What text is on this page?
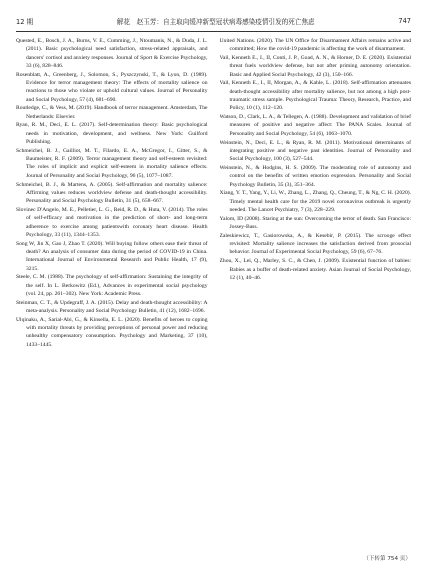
12 期	解花　赵玉芳：自主取向缓冲新型冠状病毒感染疫情引发的死亡焦虑	747

Quested, E., Bosch, J. A., Burns, V. E., Cumming, J., Ntoumanis, N., & Duda, J. L. (2011). Basic psychological need satisfaction, stress-related appraisals, and dancers' cortisol and anxiety responses. Journal of Sport & Exercise Psychology, 33 (6), 828–846.

Rosenblatt, A., Greenberg, J., Solomon, S., Pyszczynski, T., & Lyon, D. (1989). Evidence for terror management theory: The effects of mortality salience on reactions to those who violate or uphold cultural values. Journal of Personality and Social Psychology, 57 (4), 681–690.

Routledge, C., & Vess, M. (2019). Handbook of terror management. Amsterdam, The Netherlands: Elsevier.

Ryan, R. M., Deci, E. L. (2017). Self-determination theory: Basic psychological needs in motivation, development, and wellness. New York: Guilford Publishing.

Schmeichel, B. J., Gailliot, M. T., Filardo, E. A., McGregor, I., Gitter, S., & Baumeister, R. F. (2009). Terror management theory and self-esteem revisited: The roles of implicit and explicit self-esteem in mortality salience effects. Journal of Personality and Social Psychology, 96 (5), 1077–1087.

Schmeichel, B. J., & Martens, A. (2005). Self-affirmation and mortality salience: Affirming values reduces worldview defense and death-thought accessibility. Personality and Social Psychology Bulletin, 31 (5), 658–667.

Slovinec D'Angelo, M. E., Pelletier, L. G., Reid, R. D., & Huta, V. (2014). The roles of self-efficacy and motivation in the prediction of short- and long-term adherence to exercise among patientswith coronary heart disease. Health Psychology, 33 (11), 1344–1353.

Song W, Jin X, Gao J, Zhao T. (2020). Will buying follow others ease their threat of death? An analysis of consumer data during the period of COVID-19 in China. International Journal of Environmental Research and Public Health, 17 (9), 3215.

Steele, C. M. (1988). The psychology of self-affirmation: Sustaining the integrity of the self. In L. Berkowitz (Ed.), Advances in experimental social psychology (vol. 24, pp. 261–302). New York: Academic Press.

Steinman, C. T., & Updegraff, J. A. (2015). Delay and death-thought accessibility: A meta-analysis. Personality and Social Psychology Bulletin, 41 (12), 1682–1696.

Ulqinaku, A., Sarial-Abi, G., & Kinsella, E. L. (2020). Benefits of heroes to coping with mortality threats by providing perceptions of personal power and reducing unhealthy compensatory consumption. Psychology and Marketing, 37 (10), 1433–1445.

United Nations. (2020). The UN Office for Disarmament Affairs remains active and committed; How the covid-19 pandemic is affecting the work of disarmament.

Vail, Kenneth E., I., II, Conti, J. P., Goad, A. N., & Horner, D. E. (2020). Existential threat fuels worldview defense, but not after priming autonomy orientation. Basic and Applied Social Psychology, 42 (3), 150–166.

Vail, Kenneth E., I., II, Morgan, A., & Kahle, L. (2018). Self-affirmation attenuates death-thought accessibility after mortality salience, but not among a high post-traumatic stress sample. Psychological Trauma: Theory, Research, Practice, and Policy, 10 (1), 112–120.

Watson, D., Clark, L. A., & Tellegen, A. (1988). Development and validation of brief measures of positive and negative affect: The PANA Scales. Journal of Personality and Social Psychology, 54 (6), 1063–1070.

Weinstein, N., Deci, E. L., & Ryan, R. M. (2011). Motivational determinants of integrating positive and negative past identities. Journal of Personality and Social Psychology, 100 (3), 527–544.

Weinstein, N., & Hodgins, H. S. (2009). The moderating role of autonomy and control on the benefits of written emotion expression. Personality and Social Psychology Bulletin, 35 (3), 351–364.

Xiang, Y. T., Yang, Y., Li, W., Zhang, L., Zhang, Q., Cheung, T., & Ng, C. H. (2020). Timely mental health care for the 2019 novel coronavirus outbreak is urgently needed. The Lancet Psychiatry, 7 (3), 228–229.

Yalom, ID (2008). Staring at the sun: Overcoming the terror of death. San Francisco: Jossey-Bass.

Zaleskiewicz, T., Gasiorowska, A., & Kesebir, P. (2015). The scrooge effect revisited: Mortality salience increases the satisfaction derived from prosocial behavior. Journal of Experimental Social Psychology, 59 (6), 67–76.

Zhou, X., Lei, Q., Marley, S. C., & Chen, J. (2009). Existential function of babies: Babies as a buffer of death-related anxiety. Asian Journal of Social Psychology, 12 (1), 40–46.

（下转第 754 页）
